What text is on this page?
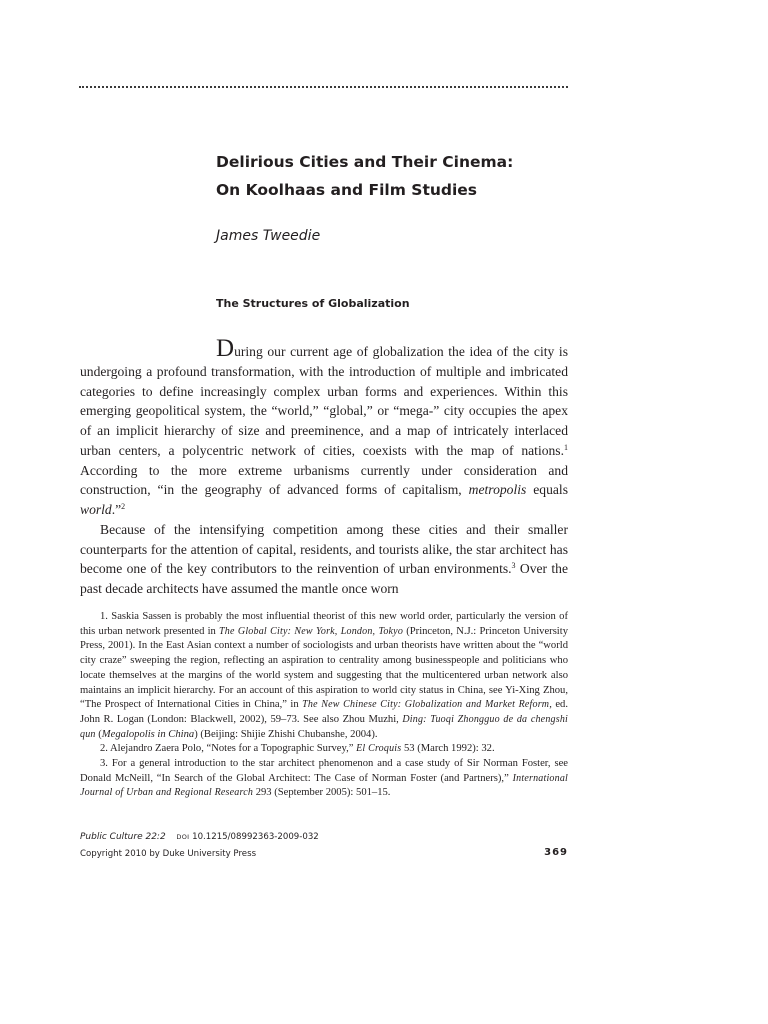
Delirious Cities and Their Cinema:
On Koolhaas and Film Studies
James Tweedie
The Structures of Globalization

During our current age of globalization the idea of the city is undergoing a profound transformation, with the introduction of multiple and imbricated categories to define increasingly complex urban forms and experiences. Within this emerging geopolitical system, the “world,” “global,” or “mega-” city occupies the apex of an implicit hierarchy of size and preeminence, and a map of intricately interlaced urban centers, a polycentric network of cities, coexists with the map of nations.$^1$ According to the more extreme urbanisms currently under consideration and construction, “in the geography of advanced forms of capitalism, metropolis equals world.”$^2$

Because of the intensifying competition among these cities and their smaller counterparts for the attention of capital, residents, and tourists alike, the star architect has become one of the key contributors to the reinvention of urban environments.$^3$ Over the past decade architects have assumed the mantle once worn

1. Saskia Sassen is probably the most influential theorist of this new world order, particularly the version of this urban network presented in The Global City: New York, London, Tokyo (Princeton, N.J.: Princeton University Press, 2001). In the East Asian context a number of sociologists and urban theorists have written about the “world city craze” sweeping the region, reflecting an aspiration to centrality among businesspeople and politicians who locate themselves at the margins of the world system and suggesting that the multicentered urban network also maintains an implicit hierarchy. For an account of this aspiration to world city status in China, see Yi-Xing Zhou, “The Prospect of International Cities in China,” in The New Chinese City: Globalization and Market Reform, ed. John R. Logan (London: Blackwell, 2002), 59–73. See also Zhou Muzhi, Ding: Tuoqi Zhongguo de da chengshi qun (Megalopolis in China) (Beijing: Shijie Zhishi Chubanshe, 2004).

2. Alejandro Zaera Polo, “Notes for a Topographic Survey,” El Croquis 53 (March 1992): 32.

3. For a general introduction to the star architect phenomenon and a case study of Sir Norman Foster, see Donald McNeill, “In Search of the Global Architect: The Case of Norman Foster (and Partners),” International Journal of Urban and Regional Research 293 (September 2005): 501–15.

Public Culture 22:2 DOI 10.1215/08992363-2009-032
Copyright 2010 by Duke University Press	369
